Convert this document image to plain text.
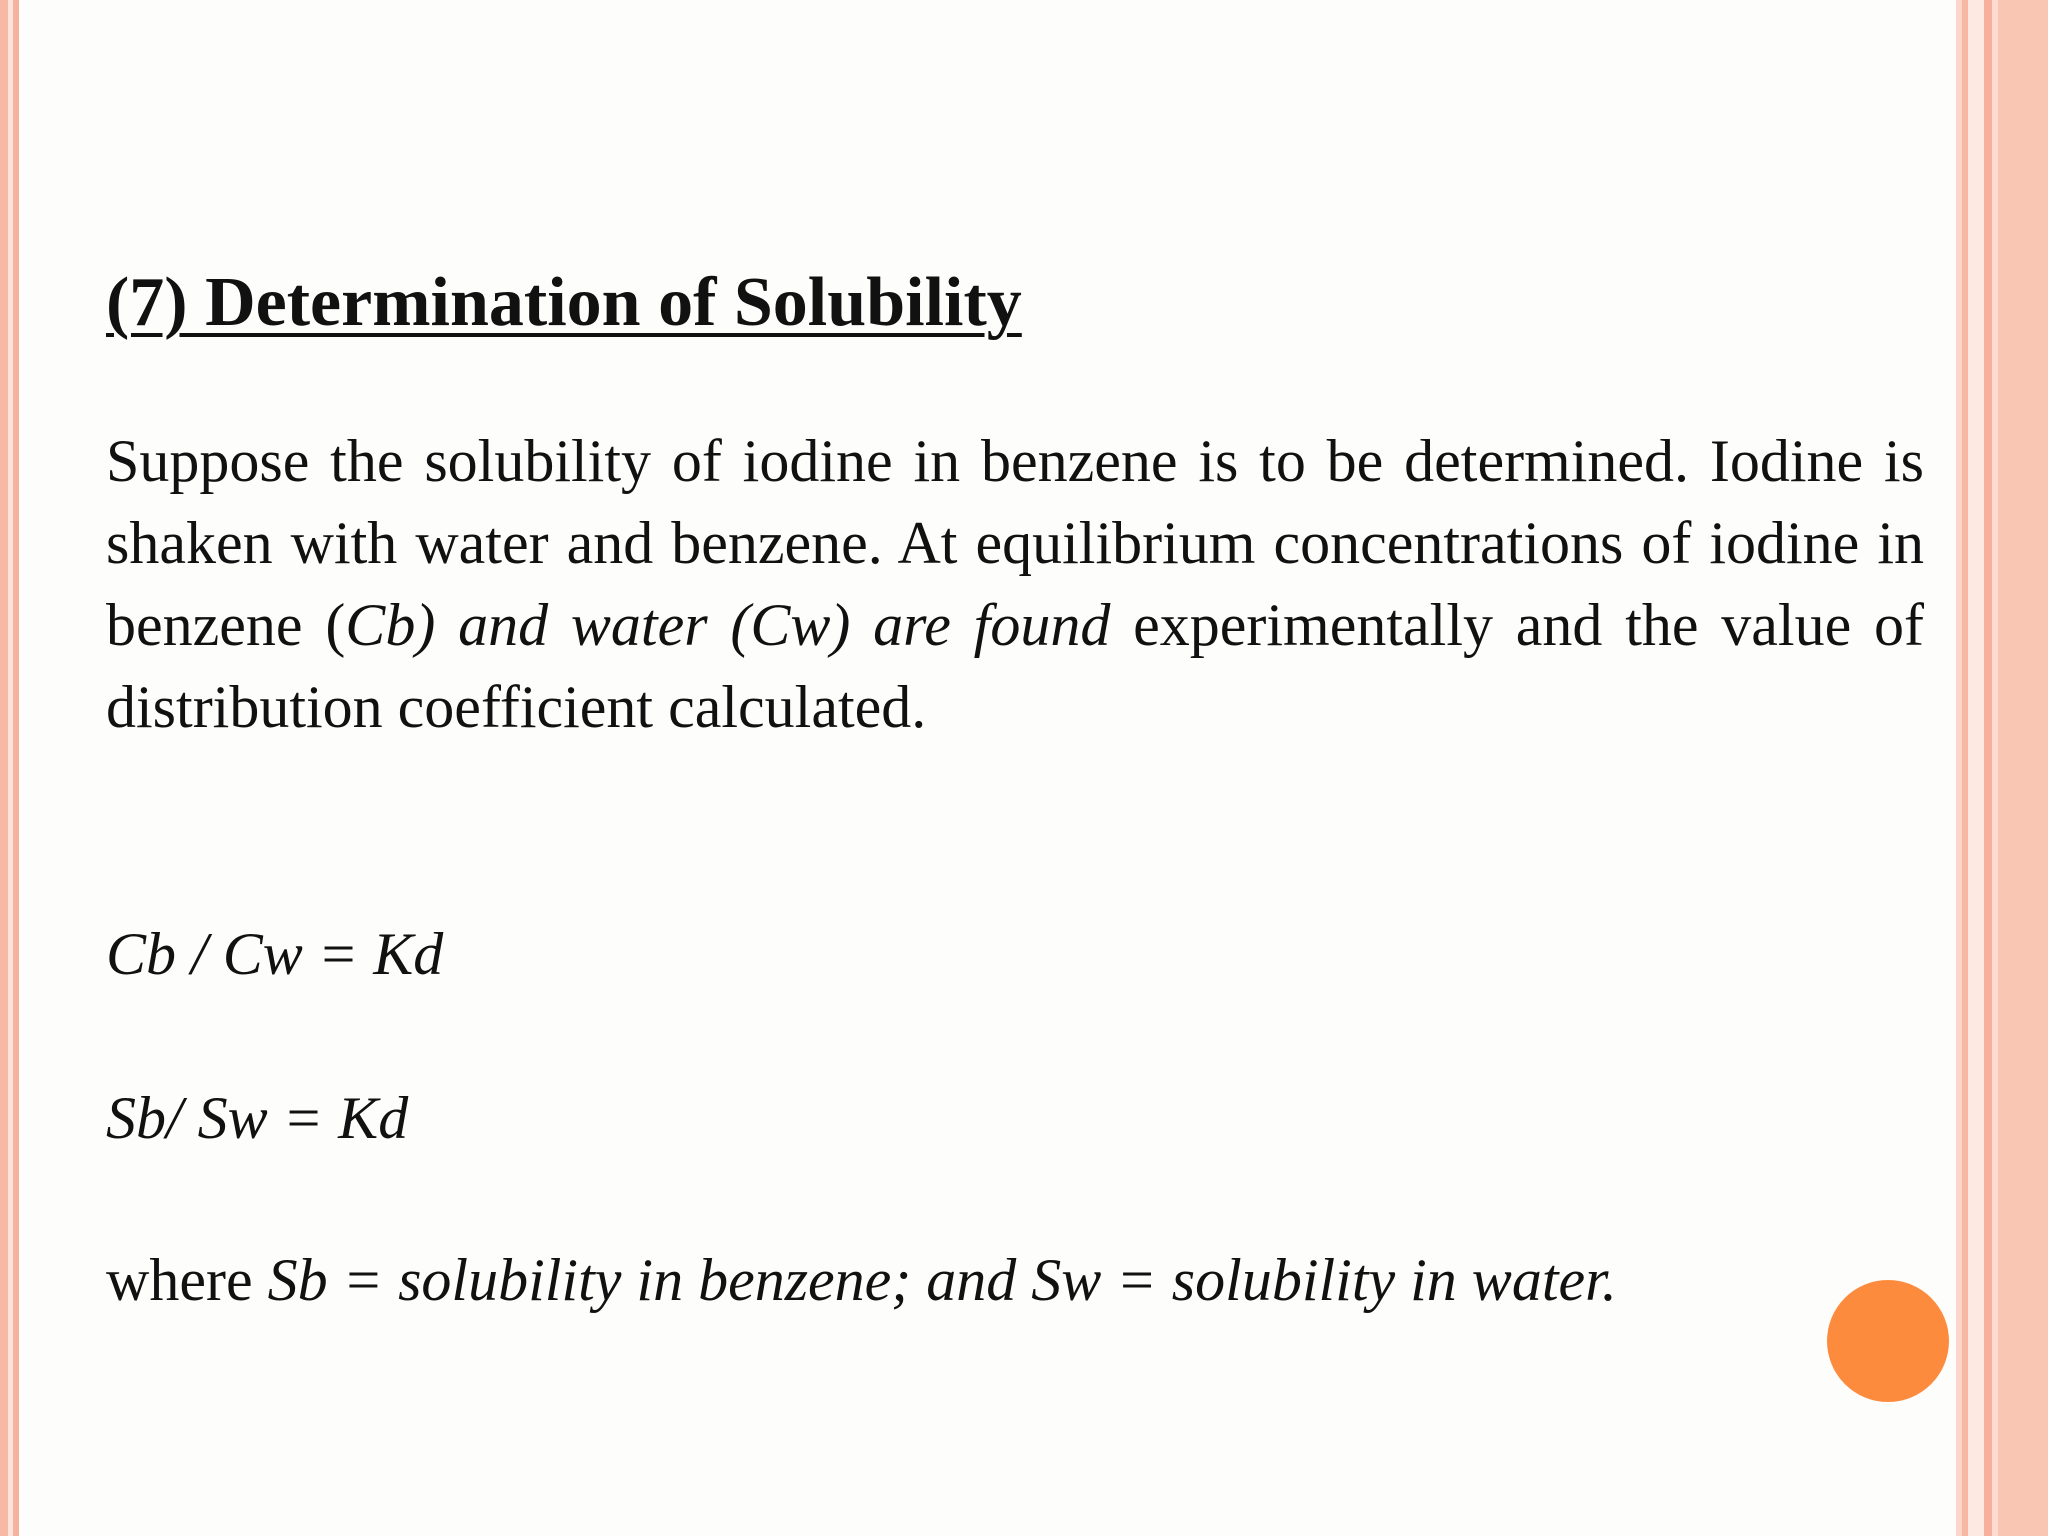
(7) Determination of Solubility

Suppose the solubility of iodine in benzene is to be determined. Iodine is shaken with water and benzene. At equilibrium concentrations of iodine in benzene (Cb) and water (Cw) are found experimentally and the value of distribution coefficient calculated.

Cb / Cw = Kd

Sb/ Sw = Kd

where Sb = solubility in benzene; and Sw = solubility in water.
